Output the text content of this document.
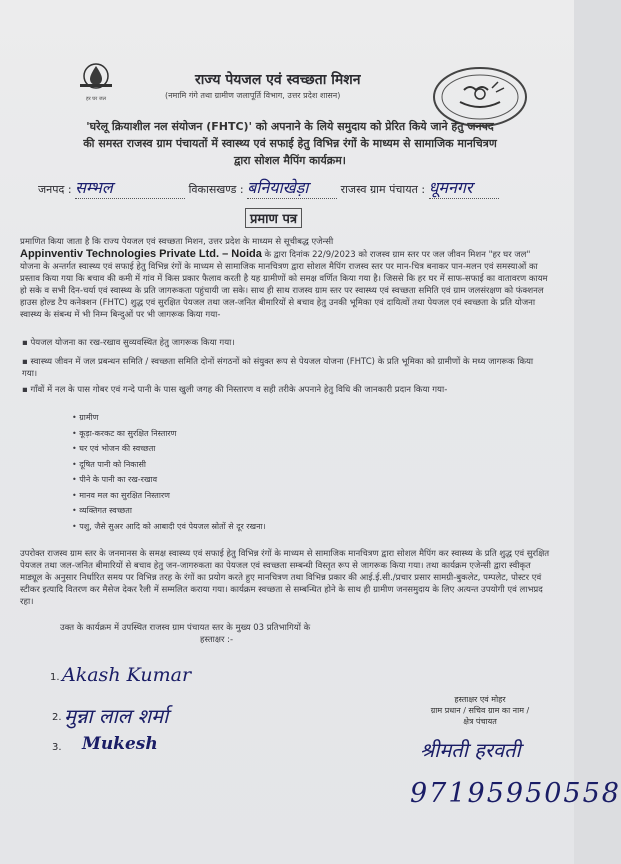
हर घर जल
राज्य पेयजल एवं स्वच्छता मिशन
(नमामि गंगे तथा ग्रामीण जलापूर्ति विभाग, उत्तर प्रदेश शासन)
'घरेलू क्रियाशील नल संयोजन (FHTC)' को अपनाने के लिये समुदाय को प्रेरित किये जाने हेतु जनपद की समस्त राजस्व ग्राम पंचायतों में स्वास्थ्य एवं सफाई हेतु विभिन्न रंगों के माध्यम से सामाजिक मानचित्रण द्वारा सोशल मैपिंग कार्यक्रम।
जनपद : सम्भल	विकासखण्ड : बनियाखेड़ा	राजस्व ग्राम पंचायत : धूमनगर
प्रमाण पत्र
प्रमाणित किया जाता है कि राज्य पेयजल एवं स्वच्छता मिशन, उत्तर प्रदेश के माध्यम से सूचीबद्ध एजेन्सी
Appinventiv Technologies Private Ltd. – Noida के द्वारा दिनांक 22/9/2023 को राजस्व ग्राम स्तर पर जल जीवन मिशन "हर घर जल" योजना के अन्तर्गत स्वास्थ्य एवं सफाई हेतु विभिन्न रंगों के माध्यम से सामाजिक मानचित्रण द्वारा सोशल मैपिंग राजस्व स्तर पर मान-चित्र बनाकर पान-मलन एवं समस्याओं का प्रस्ताव किया गया कि बचाव की कमी में गांव में किस प्रकार फैलाव करती है यह ग्रामीणों को समक्ष वर्णित किया गया है। जिससे कि हर घर में साफ-सफाई का वातावरण कायम हो सके व सभी दिन-चर्या एवं स्वास्थ्य के प्रति जागरूकता पहुंचायी जा सके। साथ ही साथ राजस्व ग्राम स्तर पर स्वास्थ्य एवं स्वच्छता समिति एवं ग्राम जलसंरक्षण को फंक्शनल हाउस होल्ड टैप कनेक्शन (FHTC) शुद्ध एवं सुरक्षित पेयजल तथा जल-जनित बीमारियों से बचाव हेतु उनकी भूमिका एवं दायित्वों तथा पेयजल एवं स्वच्छता के प्रति योजना स्वास्थ्य के संबन्ध में भी निम्न बिन्दुओं पर भी जागरूक किया गया-
▪ पेयजल योजना का रख-रखाव सुव्यवस्थित हेतु जागरूक किया गया।
▪ स्वास्थ्य जीवन में जल प्रबन्धन समिति / स्वच्छता समिति दोनों संगठनों को संयुक्त रूप से पेयजल योजना (FHTC) के प्रति भूमिका को ग्रामीणों के मध्य जागरूक किया गया।
▪ गाँवों में नल के पास गोबर एवं गन्दे पानी के पास खुली जगह की निस्तारण व सही तरीके अपनाने हेतु विधि की जानकारी प्रदान किया गया-
• ग्रामीण
• कूड़ा-करकट का सुरक्षित निस्तारण
• घर एवं भोजन की स्वच्छता
• दूषित पानी को निकासी
• पीने के पानी का रख-रखाव
• मानव मल का सुरक्षित निस्तारण
• व्यक्तिगत स्वच्छता
• पशु, जैसे सुअर आदि को आबादी एवं पेयजल स्रोतों से दूर रखना।
उपरोक्त राजस्व ग्राम स्तर के जनमानस के समक्ष स्वास्थ्य एवं सफाई हेतु विभिन्न रंगों के माध्यम से सामाजिक मानचित्रण द्वारा सोशल मैपिंग कर स्वास्थ्य के प्रति शुद्ध एवं सुरक्षित पेयजल तथा जल-जनित बीमारियों से बचाव हेतु जन-जागरुकता का पेयजल एवं स्वच्छता सम्बन्धी विस्तृत रूप से जागरूक किया गया। तथा कार्यक्रम एजेन्सी द्वारा स्वीकृत माड्यूल के अनुसार निर्धारित समय पर विभिन्न तरह के रंगों का प्रयोग करते हुए मानचित्रण तथा विभिन्न प्रकार की आई.ई.सी./प्रचार प्रसार सामग्री-बुकलेट, पम्पलेट, पोस्टर एवं स्टीकर इत्यादि वितरण कर मैसेज देकर रैली में सम्मलित कराया गया। कार्यक्रम स्वच्छता से सम्बन्धित होने के साथ ही ग्रामीण जनसमुदाय के लिए अत्यन्त उपयोगी एवं लाभप्रद रहा।
उक्त के कार्यक्रम में उपस्थित राजस्व ग्राम पंचायत स्तर के मुख्य 03 प्रतिभागियों के
हस्ताक्षर :-
1. Akash Kumar
2. मुन्ना लाल शर्मा
3. Mukesh
हस्ताक्षर एवं मोहर
ग्राम प्रधान / सचिव ग्राम का नाम /
क्षेत्र पंचायत
श्रीमती हरवती
97195950558
